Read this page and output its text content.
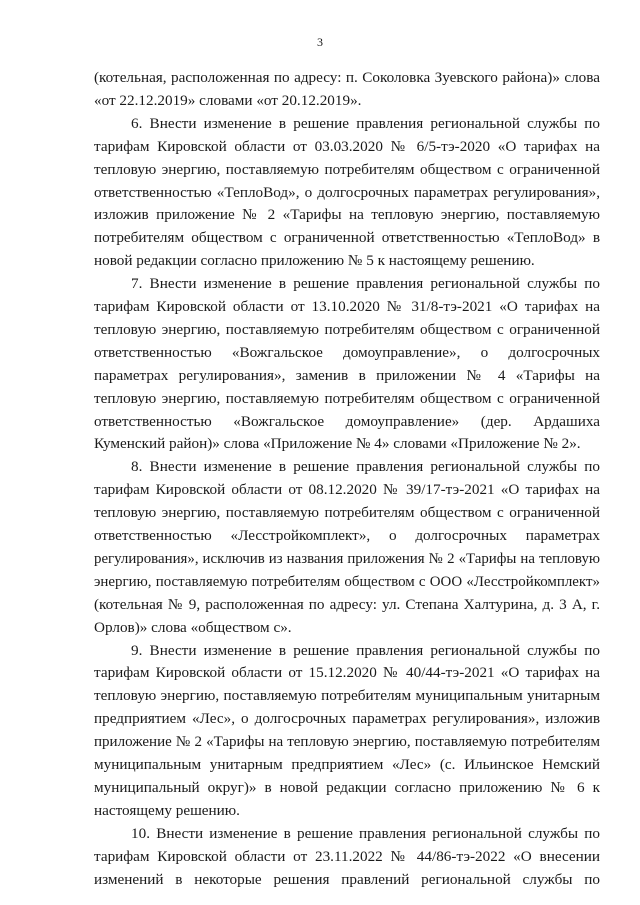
3
(котельная, расположенная по адресу: п. Соколовка Зуевского района)» слова
«от 22.12.2019» словами «от 20.12.2019».
6. Внести изменение в решение правления региональной службы по
тарифам Кировской области от 03.03.2020 № 6/5-тэ-2020 «О тарифах на
тепловую энергию, поставляемую потребителям обществом с ограниченной
ответственностью «ТеплоВод», о долгосрочных параметрах регулирования»,
изложив приложение № 2 «Тарифы на тепловую энергию, поставляемую
потребителям обществом с ограниченной ответственностью «ТеплоВод» в
новой редакции согласно приложению № 5 к настоящему решению.
7. Внести изменение в решение правления региональной службы по
тарифам Кировской области от 13.10.2020 № 31/8-тэ-2021 «О тарифах на
тепловую энергию, поставляемую потребителям обществом с ограниченной
ответственностью «Вожгальское домоуправление», о долгосрочных
параметрах регулирования», заменив в приложении № 4 «Тарифы на
тепловую энергию, поставляемую потребителям обществом с ограниченной
ответственностью «Вожгальское домоуправление» (дер. Ардашиха
Куменский район)» слова «Приложение № 4» словами «Приложение № 2».
8. Внести изменение в решение правления региональной службы по
тарифам Кировской области от 08.12.2020 № 39/17-тэ-2021 «О тарифах на
тепловую энергию, поставляемую потребителям обществом с ограниченной
ответственностью «Лесстройкомплект», о долгосрочных параметрах
регулирования», исключив из названия приложения № 2 «Тарифы на тепловую
энергию, поставляемую потребителям обществом с ООО «Лесстройкомплект»
(котельная № 9, расположенная по адресу: ул. Степана Халтурина, д. 3 А, г.
Орлов)» слова «обществом с».
9. Внести изменение в решение правления региональной службы по
тарифам Кировской области от 15.12.2020 № 40/44-тэ-2021 «О тарифах на
тепловую энергию, поставляемую потребителям муниципальным унитарным
предприятием «Лес», о долгосрочных параметрах регулирования», изложив
приложение № 2 «Тарифы на тепловую энергию, поставляемую потребителям
муниципальным унитарным предприятием «Лес» (с. Ильинское Немский
муниципальный округ)» в новой редакции согласно приложению № 6 к
настоящему решению.
10. Внести изменение в решение правления региональной службы по
тарифам Кировской области от 23.11.2022 № 44/86-тэ-2022 «О внесении
изменений в некоторые решения правлений региональной службы по
